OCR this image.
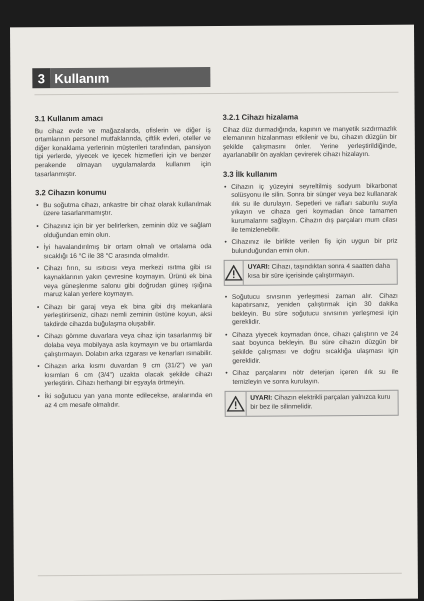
3 Kullanım
3.1 Kullanım amacı

Bu cihaz evde ve mağazalarda, ofislerin ve diğer iş ortamlarının personel mutfaklarında, çiftlik evleri, oteller ve diğer konaklama yerlerinin müşterileri tarafından, pansiyon tipi yerlerde, yiyecek ve içecek hizmetleri için ve benzer perakende olmayan uygulamalarda kullanım için tasarlanmıştır.

3.2 Cihazın konumu
• Bu soğutma cihazı, ankastre bir cihaz olarak kullanılmak üzere tasarlanmamıştır.
• Cihazınız için bir yer belirlerken, zeminin düz ve sağlam olduğundan emin olun.
• İyi havalandırılmış bir ortam olmalı ve ortalama oda sıcaklığı 16 °C ile 38 °C arasında olmalıdır.
• Cihazı fırın, su ısıtıcısı veya merkezi ısıtma gibi ısı kaynaklarının yakın çevresine koymayın. Ürünü ek bina veya güneşlenme salonu gibi doğrudan güneş ışığına maruz kalan yerlere koymayın.
• Cihazı bir garaj veya ek bina gibi dış mekanlara yerleştirirseniz, cihazı nemli zeminin üstüne koyun, aksi takdirde cihazda buğulaşma oluşabilir.
• Cihazı gömme duvarlara veya cihaz için tasarlanmış bir dolaba veya mobilyaya asla koymayın ve bu ortamlarda çalıştırmayın. Dolabın arka ızgarası ve kenarları ısınabilir.
• Cihazın arka kısmı duvardan 9 cm (31/2") ve yan kısımları 6 cm (3/4") uzakta olacak şekilde cihazı yerleştirin. Cihazı herhangi bir eşyayla örtmeyin.
• İki soğutucu yan yana monte edilecekse, aralarında en az 4 cm mesafe olmalıdır.
3.2.1 Cihazı hizalama

Cihaz düz durmadığında, kapının ve manyetik sızdırmazlık elemanının hizalanması etkilenir ve bu, cihazın düzgün bir şekilde çalışmasını önler. Yerine yerleştirildiğinde, ayarlanabilir ön ayakları çevirerek cihazı hizalayın.

3.3 İlk kullanım
• Cihazın iç yüzeyini seyreltilmiş sodyum bikarbonat solüsyonu ile silin. Sonra bir sünger veya bez kullanarak ılık su ile durulayın. Sepetleri ve rafları sabunlu suyla yıkayın ve cihaza geri koymadan önce tamamen kurumalarını sağlayın. Cihazın dış parçaları mum cilası ile temizlenebilir.
• Cihazınız ile birlikte verilen fiş için uygun bir priz bulunduğundan emin olun.
UYARI: Cihazı, taşındıktan sonra 4 saatten daha kısa bir süre içerisinde çalıştırmayın.
• Soğutucu sıvısının yerleşmesi zaman alır. Cihazı kapatırsanız, yeniden çalıştırmak için 30 dakika bekleyin. Bu süre soğutucu sıvısının yerleşmesi için gereklidir.
• Cihaza yiyecek koymadan önce, cihazı çalıştırın ve 24 saat boyunca bekleyin. Bu süre cihazın düzgün bir şekilde çalışması ve doğru sıcaklığa ulaşması için gereklidir.
• Cihaz parçalarını nötr deterjan içeren ılık su ile temizleyin ve sonra kurulayın.
UYARI: Cihazın elektrikli parçaları yalnızca kuru bir bez ile silinmelidir.
